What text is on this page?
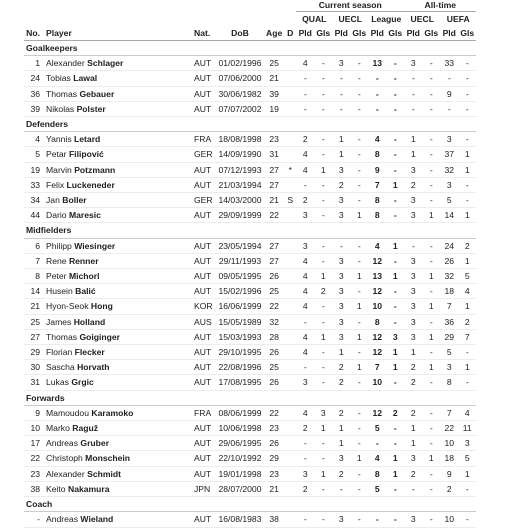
						Current season						All-time			
						QUAL		UECL		League		UECL		UEFA	
No.	Player	Nat.	DoB	Age	D	Pld	Gls	Pld	Gls	Pld	Gls	Pld	Gls	Pld	Gls
Goalkeepers															
1	Alexander Schlager	AUT	01/02/1996	25		4	-	3	-	13	-	3	-	33	-
24	Tobias Lawal	AUT	07/06/2000	21		-	-	-	-	-	-	-	-	-	-
36	Thomas Gebauer	AUT	30/06/1982	39		-	-	-	-	-	-	-	-	9	-
39	Nikolas Polster	AUT	07/07/2002	19		-	-	-	-	-	-	-	-	-	-
Defenders															
4	Yannis Letard	FRA	18/08/1998	23		2	-	1	-	4	-	1	-	3	-
5	Petar Filipović	GER	14/09/1990	31		4	-	1	-	8	-	1	-	37	1
19	Marvin Potzmann	AUT	07/12/1993	27	*	4	1	3	-	9	-	3	-	32	1
33	Felix Luckeneder	AUT	21/03/1994	27		-	-	2	-	7	1	2	-	3	-
34	Jan Boller	GER	14/03/2000	21	S	2	-	3	-	8	-	3	-	5	-
44	Dario Maresic	AUT	29/09/1999	22		3	-	3	1	8	-	3	1	14	1
Midfielders															
6	Philipp Wiesinger	AUT	23/05/1994	27		3	-	-	-	4	1	-	-	24	2
7	Rene Renner	AUT	29/11/1993	27		4	-	3	-	12	-	3	-	26	1
8	Peter Michorl	AUT	09/05/1995	26		4	1	3	1	13	1	3	1	32	5
14	Husein Balić	AUT	15/02/1996	25		4	2	3	-	12	-	3	-	18	4
21	Hyon-Seok Hong	KOR	16/06/1999	22		4	-	3	1	10	-	3	1	7	1
25	James Holland	AUS	15/05/1989	32		-	-	3	-	8	-	3	-	36	2
27	Thomas Goiginger	AUT	15/03/1993	28		4	1	3	1	12	3	3	1	29	7
29	Florian Flecker	AUT	29/10/1995	26		4	-	1	-	12	1	1	-	5	-
30	Sascha Horvath	AUT	22/08/1996	25		-	-	2	1	7	1	2	1	3	1
31	Lukas Grgic	AUT	17/08/1995	26		3	-	2	-	10	-	2	-	8	-
Forwards															
9	Mamoudou Karamoko	FRA	08/06/1999	22		4	3	2	-	12	2	2	-	7	4
10	Marko Raguž	AUT	10/06/1998	23		2	1	1	-	5	-	1	-	22	11
17	Andreas Gruber	AUT	29/06/1995	26		-	-	1	-	-	-	1	-	10	3
22	Christoph Monschein	AUT	22/10/1992	29		-	-	3	1	4	1	3	1	18	5
23	Alexander Schmidt	AUT	19/01/1998	23		3	1	2	-	8	1	2	-	9	1
38	Keito Nakamura	JPN	28/07/2000	21		2	-	-	-	5	-	-	-	2	-
Coach															
-	Andreas Wieland	AUT	16/08/1983	38		-	-	3	-	-	-	3	-	10	-
